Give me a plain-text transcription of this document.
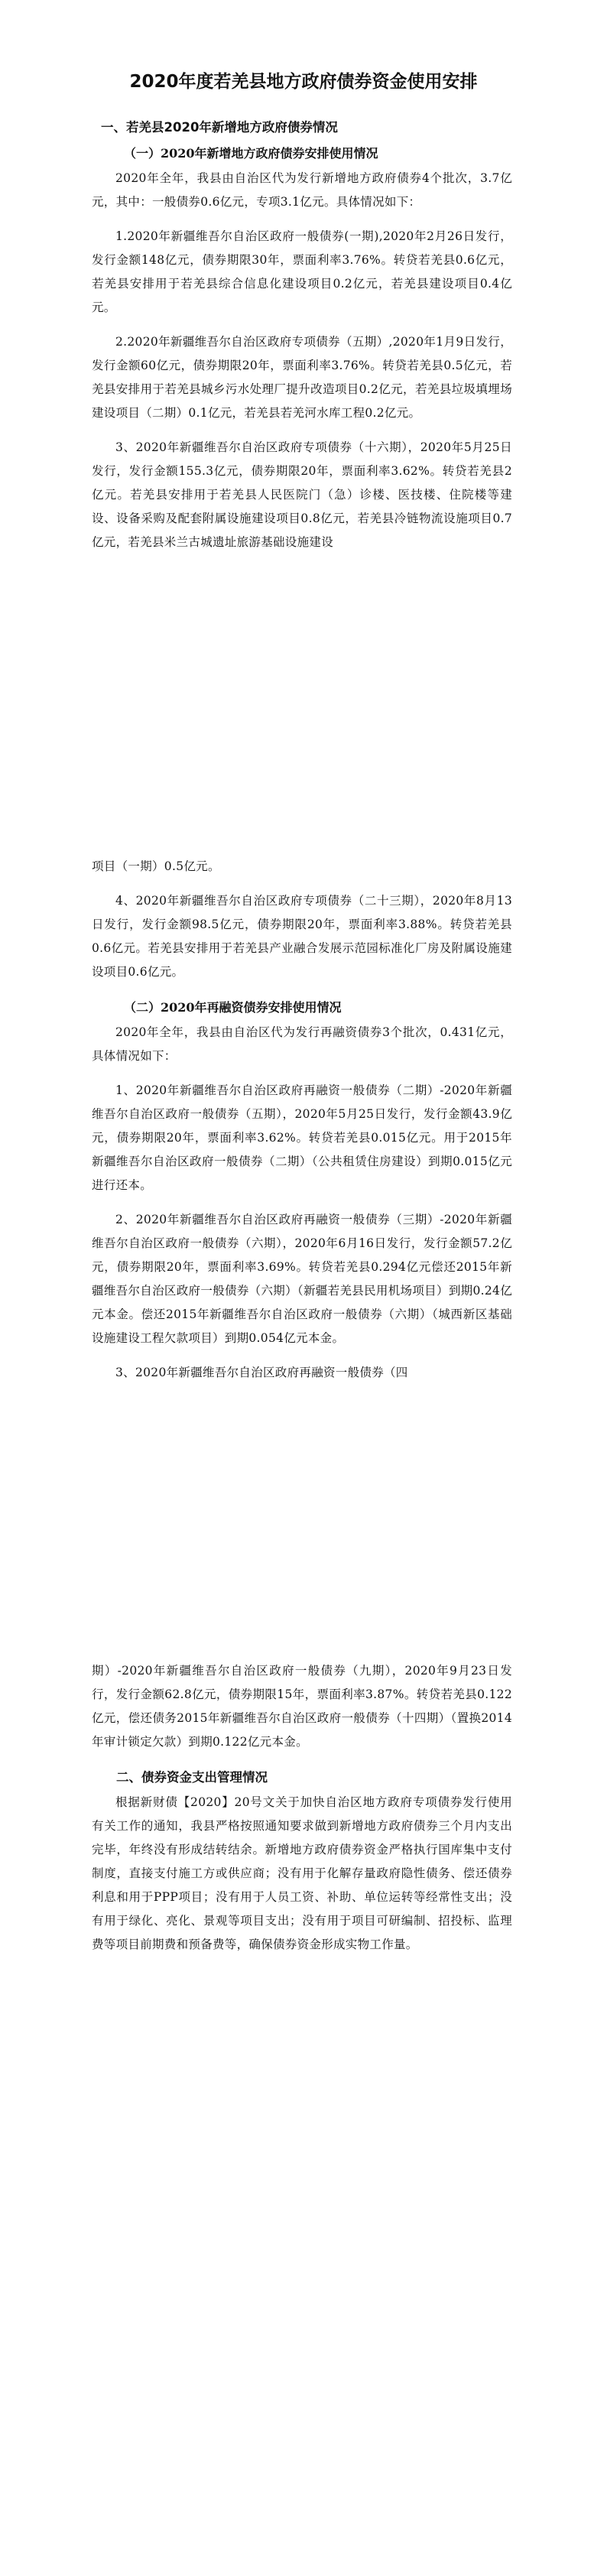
2020年度若羌县地方政府债券资金使用安排
一、若羌县2020年新增地方政府债券情况
（一）2020年新增地方政府债券安排使用情况

2020年全年，我县由自治区代为发行新增地方政府债券4个批次，3.7亿元，其中：一般债券0.6亿元，专项3.1亿元。具体情况如下：

1.2020年新疆维吾尔自治区政府一般债券(一期),2020年2月26日发行，发行金额148亿元，债券期限30年，票面利率3.76%。转贷若羌县0.6亿元，若羌县安排用于若羌县综合信息化建设项目0.2亿元，若羌县建设项目0.4亿元。

2.2020年新疆维吾尔自治区政府专项债券（五期）,2020年1月9日发行，发行金额60亿元，债券期限20年，票面利率3.76%。转贷若羌县0.5亿元，若羌县安排用于若羌县城乡污水处理厂提升改造项目0.2亿元，若羌县垃圾填埋场建设项目（二期）0.1亿元，若羌县若羌河水库工程0.2亿元。

3、2020年新疆维吾尔自治区政府专项债券（十六期），2020年5月25日发行，发行金额155.3亿元，债券期限20年，票面利率3.62%。转贷若羌县2亿元。若羌县安排用于若羌县人民医院门（急）诊楼、医技楼、住院楼等建设、设备采购及配套附属设施建设项目0.8亿元，若羌县冷链物流设施项目0.7亿元，若羌县米兰古城遗址旅游基础设施建设

项目（一期）0.5亿元。

4、2020年新疆维吾尔自治区政府专项债券（二十三期），2020年8月13日发行，发行金额98.5亿元，债券期限20年，票面利率3.88%。转贷若羌县0.6亿元。若羌县安排用于若羌县产业融合发展示范园标准化厂房及附属设施建设项目0.6亿元。

（二）2020年再融资债券安排使用情况

2020年全年，我县由自治区代为发行再融资债券3个批次，0.431亿元，具体情况如下：

1、2020年新疆维吾尔自治区政府再融资一般债券（二期）-2020年新疆维吾尔自治区政府一般债券（五期），2020年5月25日发行，发行金额43.9亿元，债券期限20年，票面利率3.62%。转贷若羌县0.015亿元。用于2015年新疆维吾尔自治区政府一般债券（二期）（公共租赁住房建设）到期0.015亿元进行还本。

2、2020年新疆维吾尔自治区政府再融资一般债券（三期）-2020年新疆维吾尔自治区政府一般债券（六期），2020年6月16日发行，发行金额57.2亿元，债券期限20年，票面利率3.69%。转贷若羌县0.294亿元偿还2015年新疆维吾尔自治区政府一般债券（六期）（新疆若羌县民用机场项目）到期0.24亿元本金。偿还2015年新疆维吾尔自治区政府一般债券（六期）（城西新区基础设施建设工程欠款项目）到期0.054亿元本金。

3、2020年新疆维吾尔自治区政府再融资一般债券（四

期）-2020年新疆维吾尔自治区政府一般债券（九期），2020年9月23日发行，发行金额62.8亿元，债券期限15年，票面利率3.87%。转贷若羌县0.122亿元，偿还债务2015年新疆维吾尔自治区政府一般债券（十四期）（置换2014年审计锁定欠款）到期0.122亿元本金。

二、债券资金支出管理情况

根据新财债【2020】20号文关于加快自治区地方政府专项债券发行使用有关工作的通知，我县严格按照通知要求做到新增地方政府债券三个月内支出完毕，年终没有形成结转结余。新增地方政府债券资金严格执行国库集中支付制度，直接支付施工方或供应商；没有用于化解存量政府隐性债务、偿还债券利息和用于PPP项目；没有用于人员工资、补助、单位运转等经常性支出；没有用于绿化、亮化、景观等项目支出；没有用于项目可研编制、招投标、监理费等项目前期费和预备费等，确保债券资金形成实物工作量。
